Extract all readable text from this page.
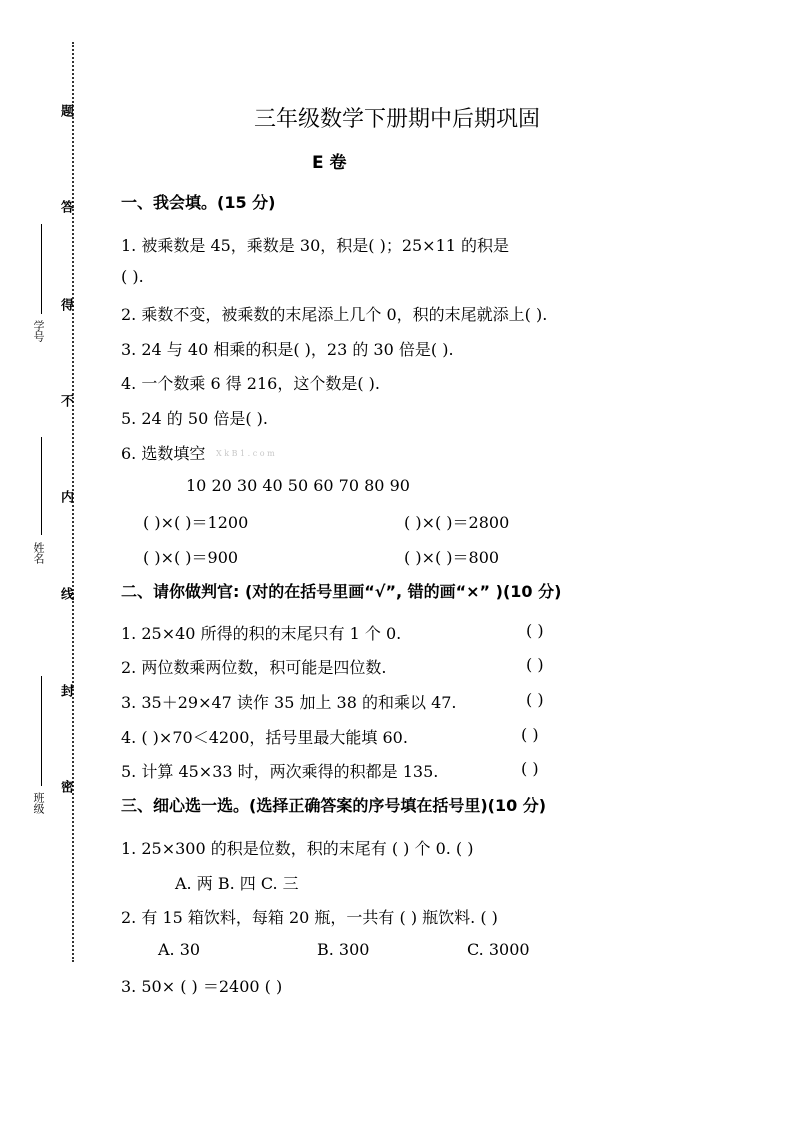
题
答
得
不
内
线
封
密
学号
姓名
班级
三年级数学下册期中后期巩固
E 卷
一、我会填。(15 分)
1. 被乘数是 45，乘数是 30，积是( )；25×11 的积是
( ).
2. 乘数不变，被乘数的末尾添上几个 0，积的末尾就添上( ).
3. 24 与 40 相乘的积是( )，23 的 30 倍是( ).
4. 一个数乘 6 得 216，这个数是( ).
5. 24 的 50 倍是( ).
6. 选数填空 X k B 1 . c o m
10 20 30 40 50 60 70 80 90
( )×( )＝1200	( )×( )＝2800
( )×( )＝900	( )×( )＝800
二、请你做判官: (对的在括号里画“√”, 错的画“×” )(10 分)
1. 25×40 所得的积的末尾只有 1 个 0.	( )
2. 两位数乘两位数，积可能是四位数.	( )
3. 35＋29×47 读作 35 加上 38 的和乘以 47.	( )
4. ( )×70＜4200，括号里最大能填 60.	( )
5. 计算 45×33 时，两次乘得的积都是 135.	( )
三、细心选一选。(选择正确答案的序号填在括号里)(10 分)
1. 25×300 的积是位数，积的末尾有 ( ) 个 0. ( )
A. 两 B. 四 C. 三
2. 有 15 箱饮料，每箱 20 瓶，一共有 ( ) 瓶饮料. ( )
A. 30	B. 300	C. 3000
3. 50× ( ) ＝2400 ( )
